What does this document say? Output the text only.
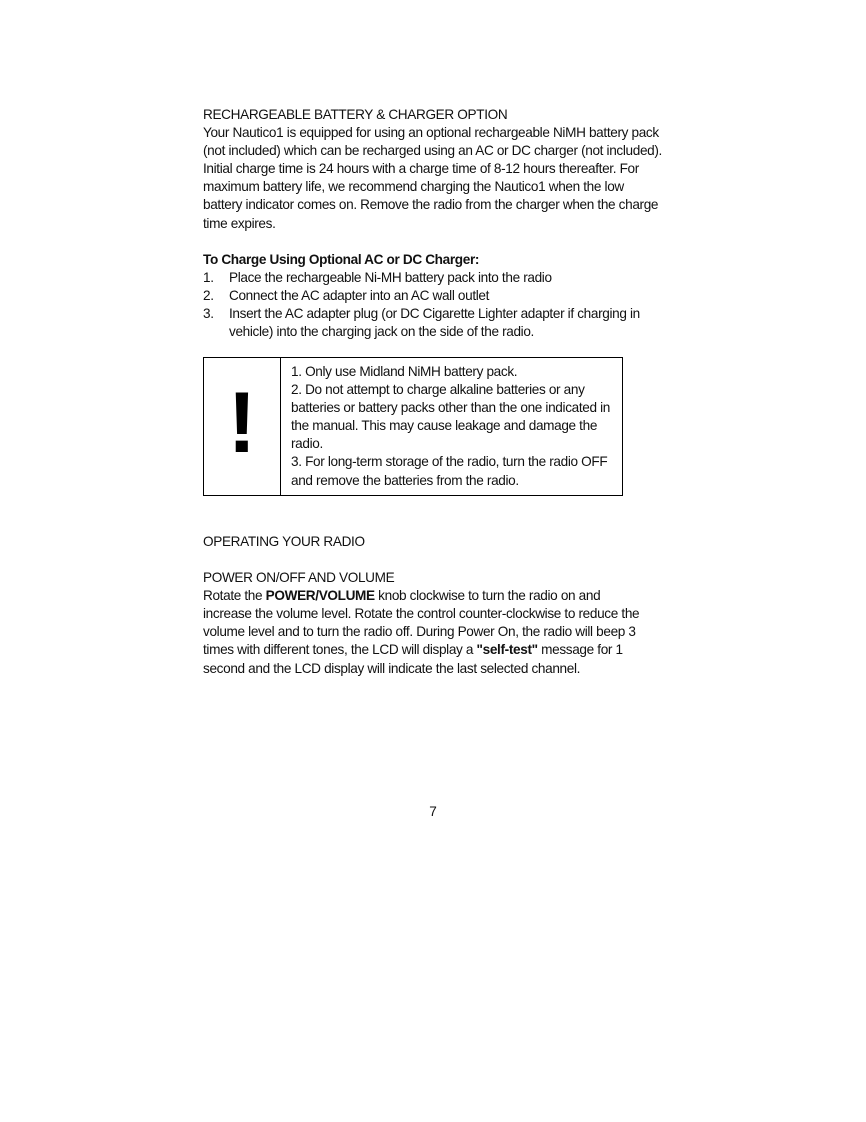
RECHARGEABLE BATTERY & CHARGER OPTION
Your Nautico1 is equipped for using an optional rechargeable NiMH battery pack
(not included) which can be recharged using an AC or DC charger (not included).
Initial charge time is 24 hours with a charge time of 8-12 hours thereafter. For
maximum battery life, we recommend charging the Nautico1 when the low
battery indicator comes on. Remove the radio from the charger when the charge
time expires.
To Charge Using Optional AC or DC Charger:
1.	Place the rechargeable Ni-MH battery pack into the radio
2.	Connect the AC adapter into an AC wall outlet
3.	Insert the AC adapter plug (or DC Cigarette Lighter adapter if charging in
vehicle) into the charging jack on the side of the radio.
!
1. Only use Midland NiMH battery pack.
2. Do not attempt to charge alkaline batteries or any
batteries or battery packs other than the one indicated in
the manual. This may cause leakage and damage the
radio.
3. For long-term storage of the radio, turn the radio OFF
and remove the batteries from the radio.
OPERATING YOUR RADIO
POWER ON/OFF AND VOLUME
Rotate the POWER/VOLUME knob clockwise to turn the radio on and
increase the volume level. Rotate the control counter-clockwise to reduce the
volume level and to turn the radio off. During Power On, the radio will beep 3
times with different tones, the LCD will display a "self-test" message for 1
second and the LCD display will indicate the last selected channel.
7
